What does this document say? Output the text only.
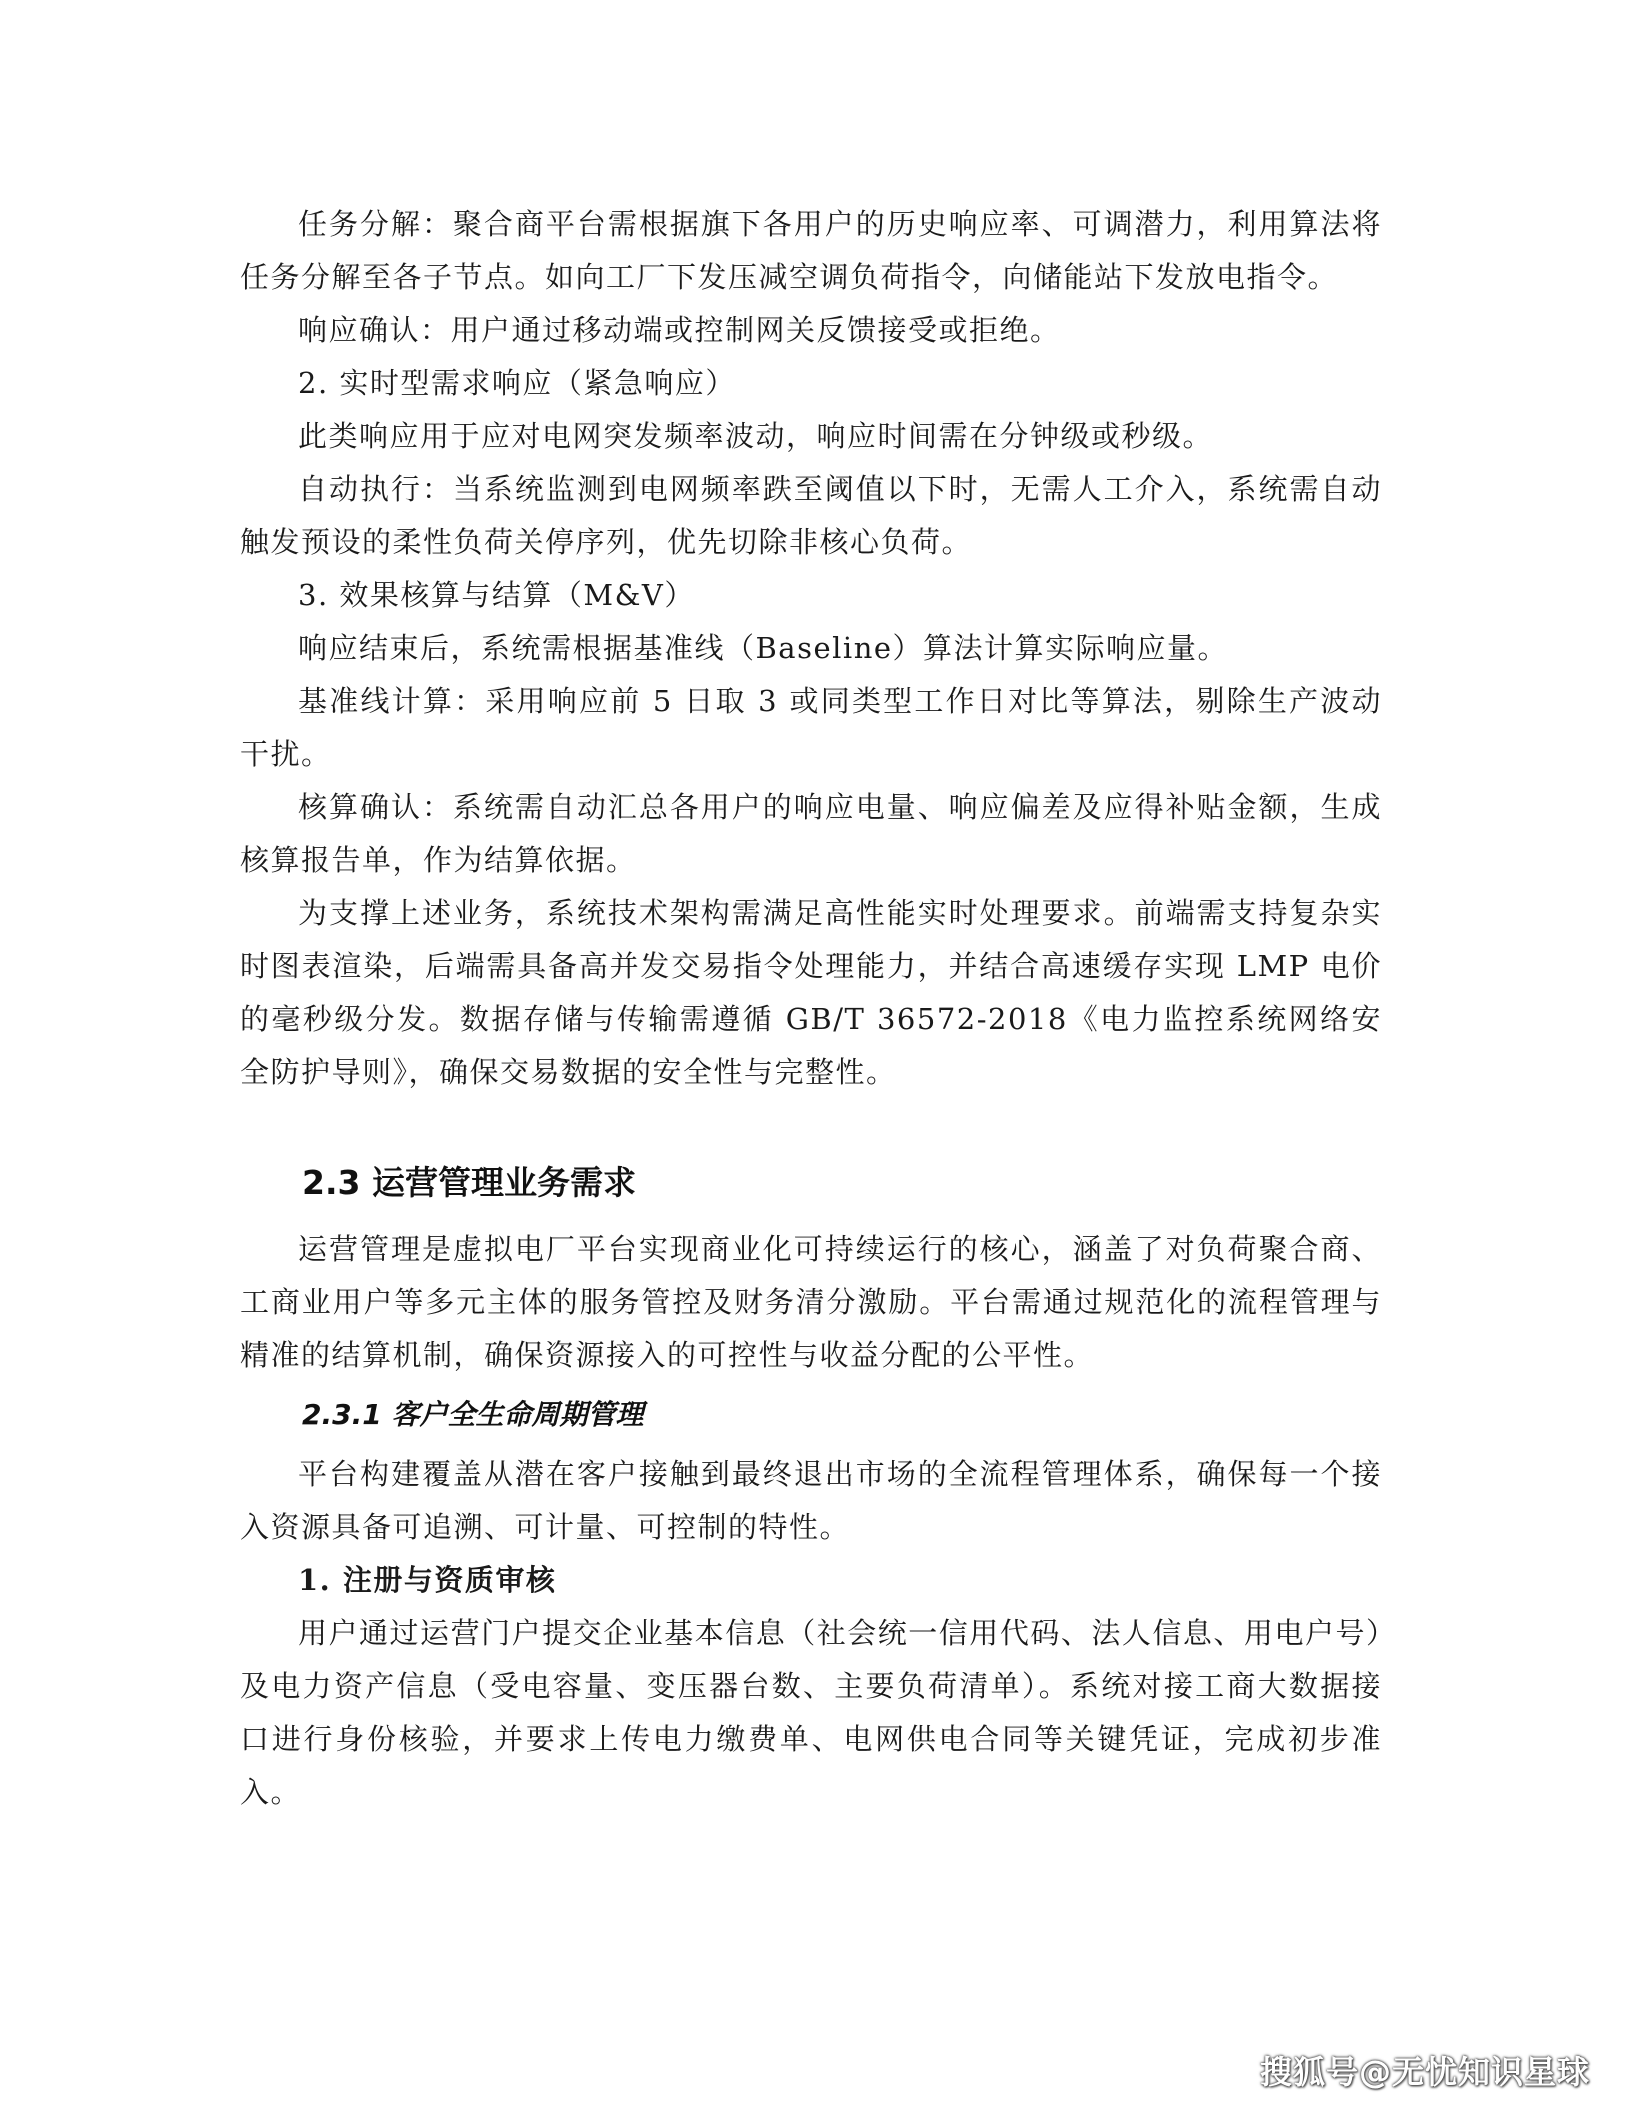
任务分解：聚合商平台需根据旗下各用户的历史响应率、可调潜力，利用算法将任务分解至各子节点。如向工厂下发压减空调负荷指令，向储能站下发放电指令。

响应确认：用户通过移动端或控制网关反馈接受或拒绝。

2. 实时型需求响应（紧急响应）

此类响应用于应对电网突发频率波动，响应时间需在分钟级或秒级。

自动执行：当系统监测到电网频率跌至阈值以下时，无需人工介入，系统需自动触发预设的柔性负荷关停序列，优先切除非核心负荷。

3. 效果核算与结算（M&V）

响应结束后，系统需根据基准线（Baseline）算法计算实际响应量。

基准线计算：采用响应前 5 日取 3 或同类型工作日对比等算法，剔除生产波动干扰。

核算确认：系统需自动汇总各用户的响应电量、响应偏差及应得补贴金额，生成核算报告单，作为结算依据。

为支撑上述业务，系统技术架构需满足高性能实时处理要求。前端需支持复杂实时图表渲染，后端需具备高并发交易指令处理能力，并结合高速缓存实现 LMP 电价的毫秒级分发。数据存储与传输需遵循 GB/T 36572-2018《电力监控系统网络安全防护导则》，确保交易数据的安全性与完整性。

2.3 运营管理业务需求

运营管理是虚拟电厂平台实现商业化可持续运行的核心，涵盖了对负荷聚合商、工商业用户等多元主体的服务管控及财务清分激励。平台需通过规范化的流程管理与精准的结算机制，确保资源接入的可控性与收益分配的公平性。

2.3.1 客户全生命周期管理

平台构建覆盖从潜在客户接触到最终退出市场的全流程管理体系，确保每一个接入资源具备可追溯、可计量、可控制的特性。

1. 注册与资质审核

用户通过运营门户提交企业基本信息（社会统一信用代码、法人信息、用电户号）及电力资产信息（受电容量、变压器台数、主要负荷清单）。系统对接工商大数据接口进行身份核验，并要求上传电力缴费单、电网供电合同等关键凭证，完成初步准入。

搜狐号@无忧知识星球
